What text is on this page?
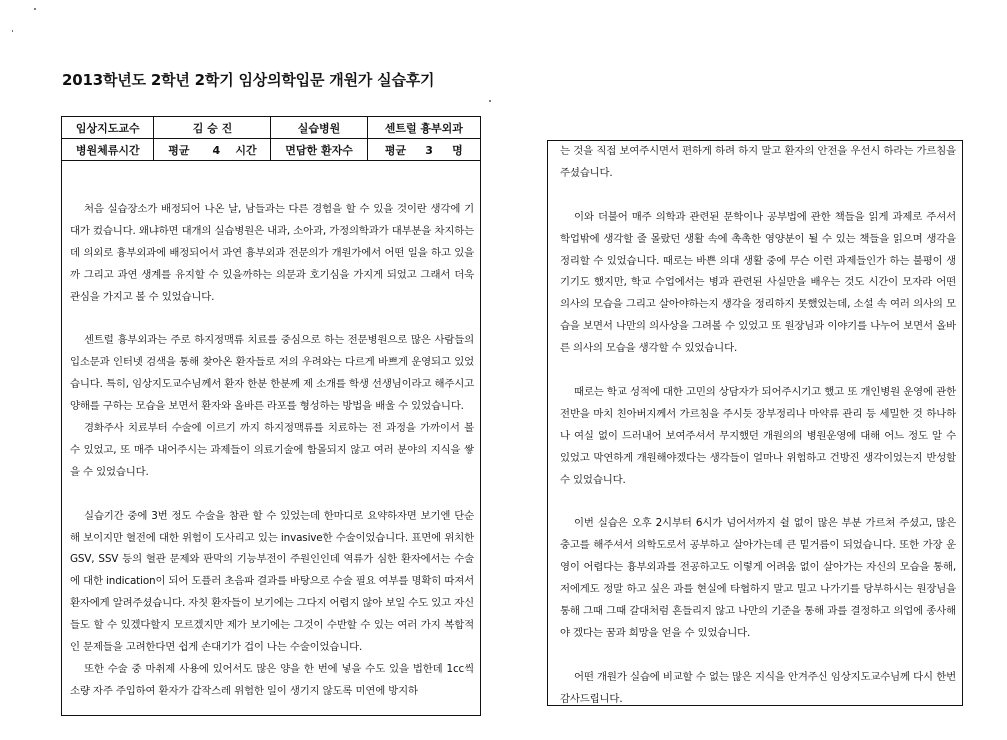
2013학년도 2학년 2학기 임상의학입문 개원가 실습후기
임상지도교수	김 승 진	실습병원	센트럴 흉부외과
병원체류시간	평균      4    시간	면담한 환자수	평균     3     명

처음 실습장소가 배정되어 나온 날, 남들과는 다른 경험을 할 수 있을 것이란 생각에 기대가 컸습니다. 왜냐하면 대개의 실습병원은 내과, 소아과, 가정의학과가 대부분을 차지하는데 의외로 흉부외과에 배정되어서 과연 흉부외과 전문의가 개원가에서 어떤 일을 하고 있을까 그리고 과연 생계를 유지할 수 있을까하는 의문과 호기심을 가지게 되었고 그래서 더욱 관심을 가지고 볼 수 있었습니다.

센트럴 흉부외과는 주로 하지정맥류 치료를 중심으로 하는 전문병원으로 많은 사람들의 입소문과 인터넷 검색을 통해 찾아온 환자들로 저의 우려와는 다르게 바쁘게 운영되고 있었습니다. 특히, 임상지도교수님께서 환자 한분 한분께 제 소개를 학생 선생님이라고 해주시고 양해를 구하는 모습을 보면서 환자와 올바른 라포를 형성하는 방법을 배울 수 있었습니다.

경화주사 치료부터 수술에 이르기 까지 하지정맥류를 치료하는 전 과정을 가까이서 볼 수 있었고, 또 매주 내어주시는 과제들이 의료기술에 함몰되지 않고 여러 분야의 지식을 쌓을 수 있었습니다.

실습기간 중에 3번 정도 수술을 참관 할 수 있었는데 한마디로 요약하자면 보기엔 단순해 보이지만 혈전에 대한 위험이 도사리고 있는 invasive한 수술이었습니다. 표면에 위치한 GSV, SSV 등의 혈관 문제와 판막의 기능부전이 주원인인데 역류가 심한 환자에서는 수술에 대한 indication이 되어 도플러 초음파 결과를 바탕으로 수술 필요 여부를 명확히 따져서 환자에게 알려주셨습니다. 자칫 환자들이 보기에는 그다지 어렵지 않아 보일 수도 있고 자신들도 할 수 있겠다할지 모르겠지만 제가 보기에는 그것이 수반할 수 있는 여러 가지 복합적인 문제들을 고려한다면 쉽게 손대기가 겁이 나는 수술이었습니다.

또한 수술 중 마취제 사용에 있어서도 많은 양을 한 번에 넣을 수도 있을 법한데 1cc씩 소량 자주 주입하여 환자가 갑작스레 위험한 일이 생기지 않도록 미연에 방지하

는 것을 직접 보여주시면서 편하게 하려 하지 말고 환자의 안전을 우선시 하라는 가르침을 주셨습니다.

이와 더불어 매주 의학과 관련된 문학이나 공부법에 관한 책들을 읽게 과제로 주셔서 학업밖에 생각할 줄 몰랐던 생활 속에 촉촉한 영양분이 될 수 있는 책들을 읽으며 생각을 정리할 수 있었습니다. 때로는 바쁜 의대 생활 중에 무슨 이런 과제들인가 하는 불평이 생기기도 했지만, 학교 수업에서는 병과 관련된 사실만을 배우는 것도 시간이 모자라 어떤 의사의 모습을 그리고 살아야하는지 생각을 정리하지 못했었는데, 소설 속 여러 의사의 모습을 보면서 나만의 의사상을 그려볼 수 있었고 또 원장님과 이야기를 나누어 보면서 올바른 의사의 모습을 생각할 수 있었습니다.

때로는 학교 성적에 대한 고민의 상담자가 되어주시기고 했고 또 개인병원 운영에 관한 전반을 마치 친아버지께서 가르침을 주시듯 장부정리나 마약류 관리 등 세밀한 것 하나하나 여실 없이 드러내어 보여주셔서 무지했던 개원의의 병원운영에 대해 어느 정도 알 수 있었고 막연하게 개원해야겠다는 생각들이 얼마나 위험하고 건방진 생각이었는지 반성할 수 있었습니다.

이번 실습은 오후 2시부터 6시가 넘어서까지 쉴 없이 많은 부분 가르쳐 주셨고, 많은 충고를 해주셔서 의학도로서 공부하고 살아가는데 큰 밑거름이 되었습니다. 또한 가장 운영이 어렵다는 흉부외과를 전공하고도 이렇게 어려움 없이 살아가는 자신의 모습을 통해, 저에게도 정말 하고 싶은 과를 현실에 타협하지 말고 밀고 나가기를 당부하시는 원장님을 통해 그때 그때 갈대처럼 흔들리지 않고 나만의 기준을 통해 과를 결정하고 의업에 종사해야 겠다는 꿈과 희망을 얻을 수 있었습니다.

어떤 개원가 실습에 비교할 수 없는 많은 지식을 안겨주신 임상지도교수님께 다시 한번 감사드립니다.
